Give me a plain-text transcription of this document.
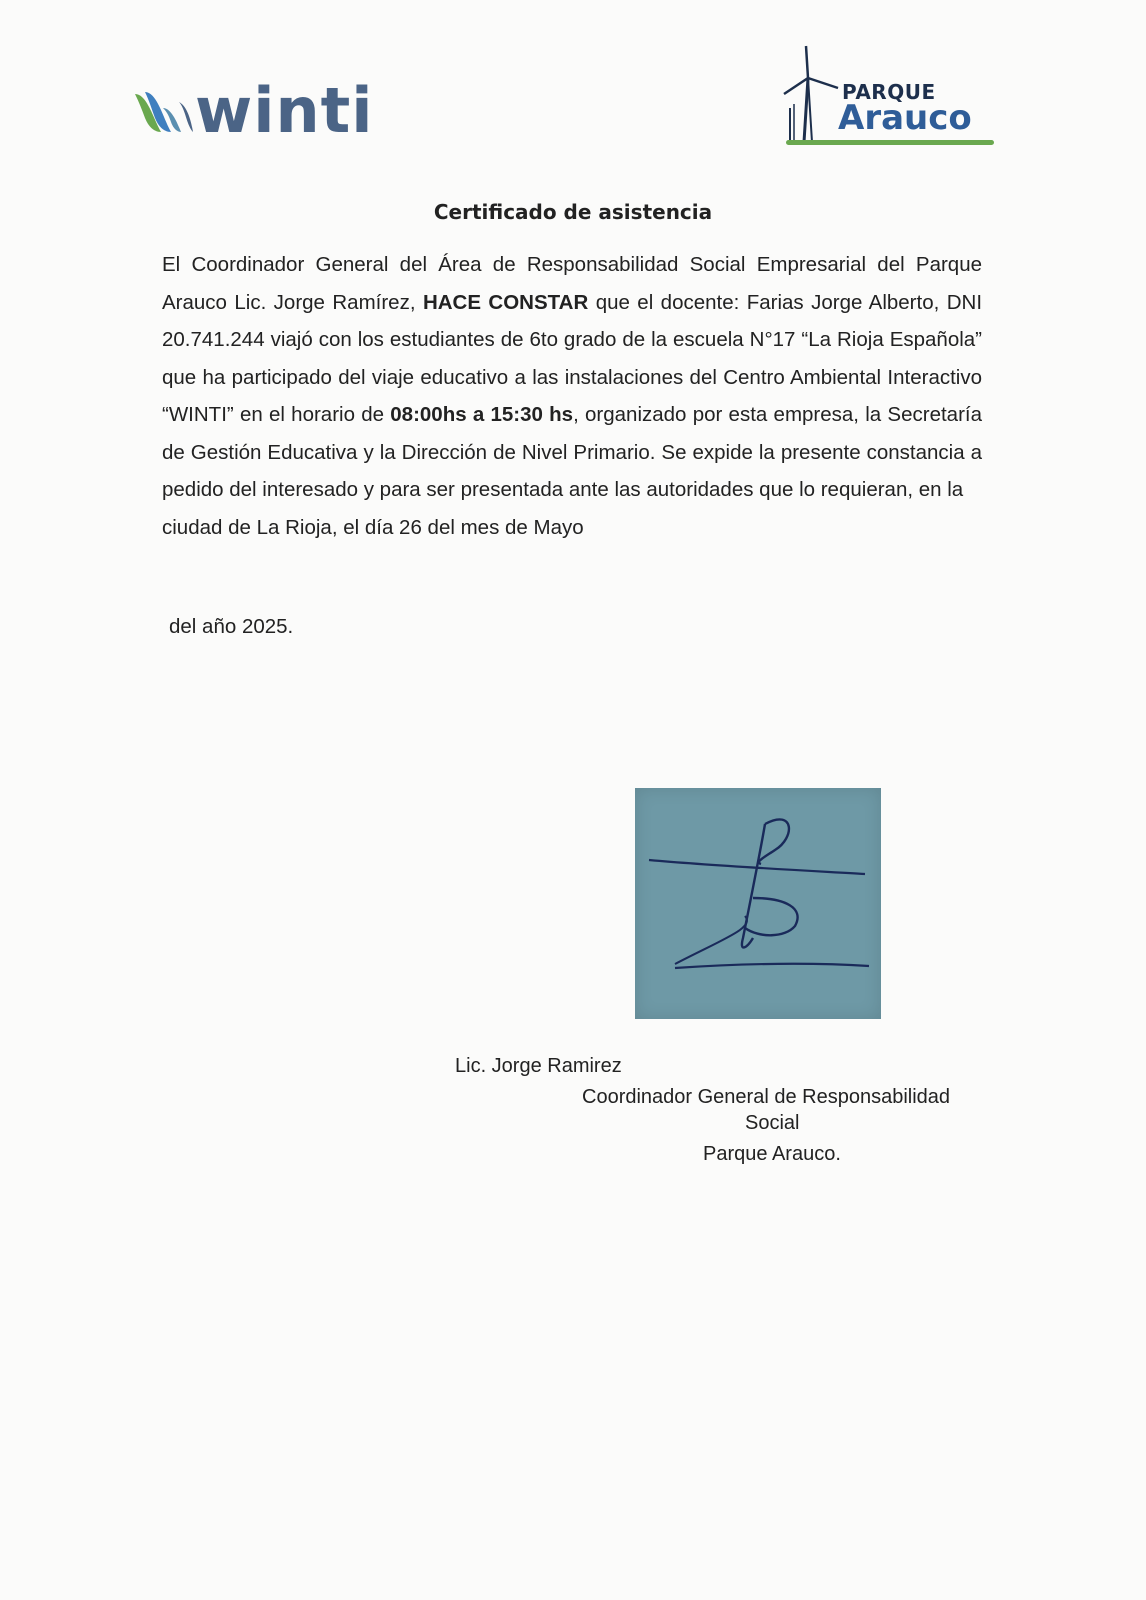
winti	PARQUE
Arauco
Certificado de asistencia
El Coordinador General del Área de Responsabilidad Social Empresarial del Parque Arauco Lic. Jorge Ramírez, HACE CONSTAR que el docente: Farias Jorge Alberto, DNI 20.741.244 viajó con los estudiantes de 6to grado de la escuela N°17 “La Rioja Española” que ha participado del viaje educativo a las instalaciones del Centro Ambiental Interactivo “WINTI” en el horario de 08:00hs a 15:30 hs, organizado por esta empresa, la Secretaría de Gestión Educativa y la Dirección de Nivel Primario. Se expide la presente constancia a pedido del interesado y para ser presentada ante las autoridades que lo requieran, en la
ciudad de La Rioja, el día 26 del mes de Mayo
del año 2025.
Lic. Jorge Ramirez
Coordinador General de Responsabilidad
Social
Parque Arauco.
